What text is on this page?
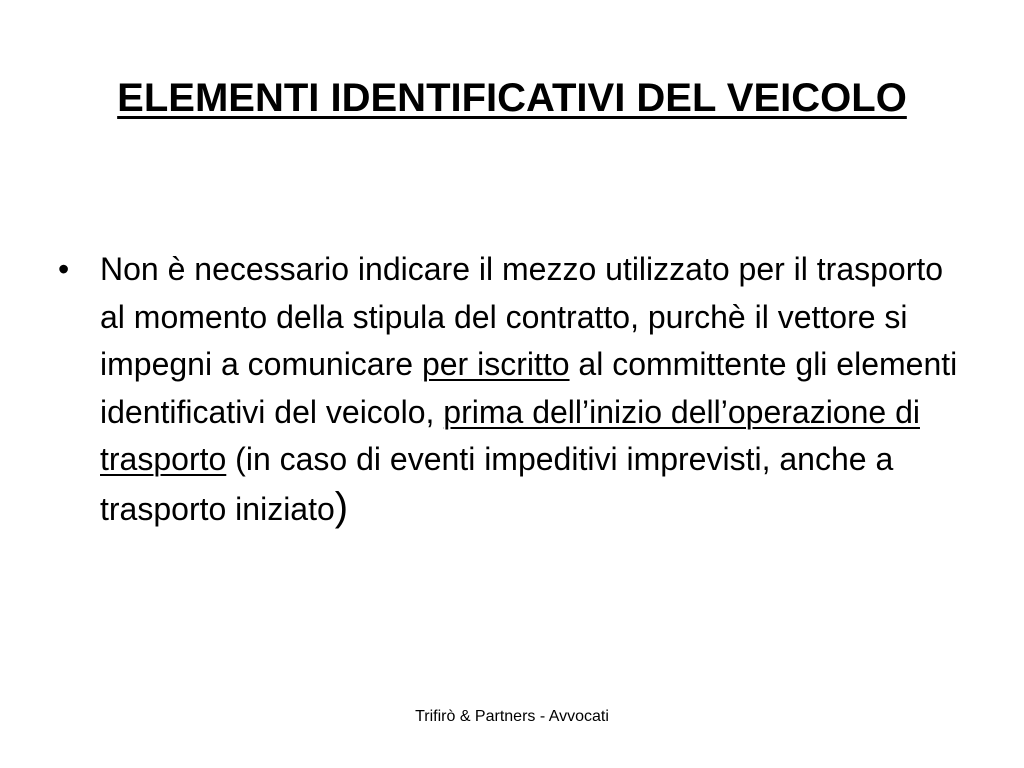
ELEMENTI IDENTIFICATIVI DEL VEICOLO
• Non è necessario indicare il mezzo utilizzato per il trasporto al momento della stipula del contratto, purchè il vettore si impegni a comunicare per iscritto al committente gli elementi identificativi del veicolo, prima dell’inizio dell’operazione di trasporto (in caso di eventi impeditivi imprevisti, anche a trasporto iniziato)
Trifirò & Partners - Avvocati
